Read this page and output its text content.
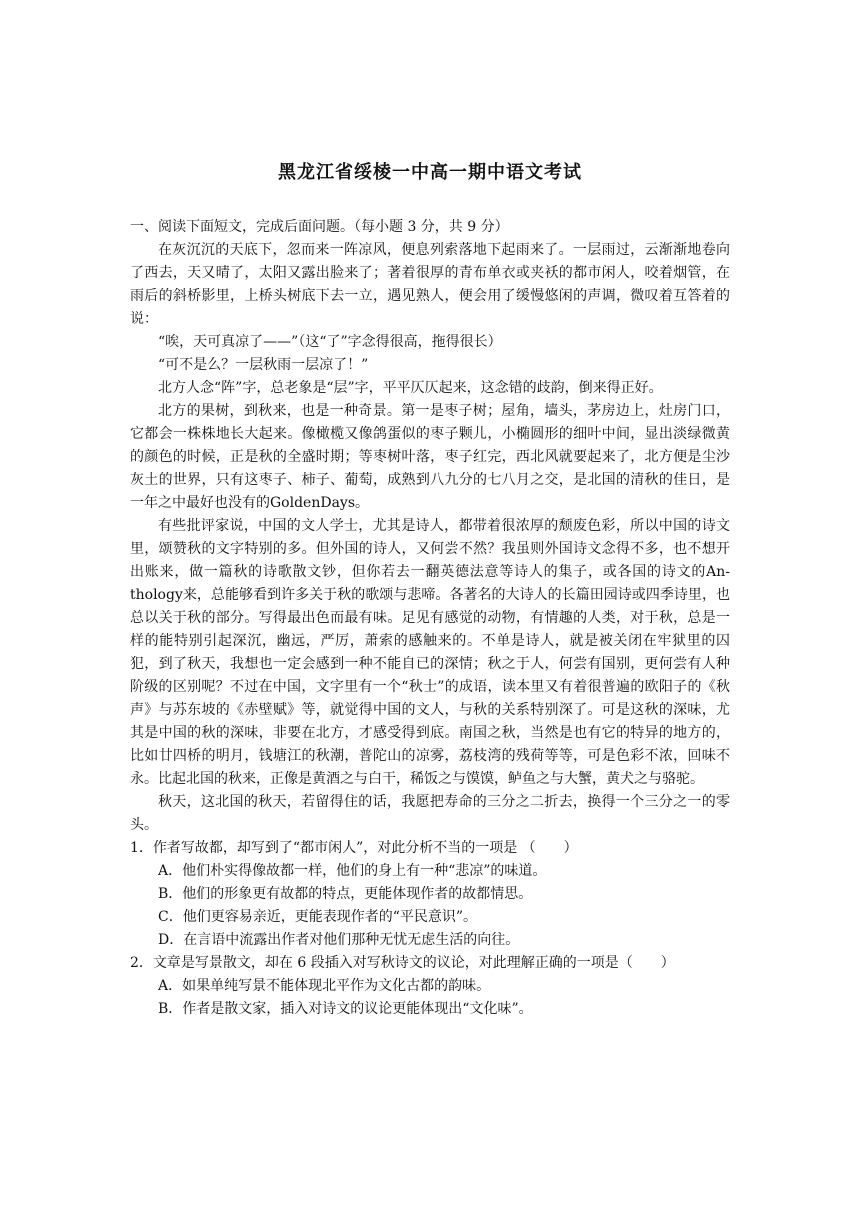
黑龙江省绥棱一中高一期中语文考试

一、阅读下面短文，完成后面问题。（每小题 3 分，共 9 分）

在灰沉沉的天底下，忽而来一阵凉风，便息列索落地下起雨来了。一层雨过，云渐渐地卷向了西去，天又晴了，太阳又露出脸来了；著着很厚的青布单衣或夹袄的都市闲人，咬着烟管，在雨后的斜桥影里，上桥头树底下去一立，遇见熟人，便会用了缓慢悠闲的声调，微叹着互答着的说：

“唉，天可真凉了——”（这“了”字念得很高，拖得很长）

“可不是么？一层秋雨一层凉了！”

北方人念“阵”字，总老象是“层”字，平平仄仄起来，这念错的歧韵，倒来得正好。

北方的果树，到秋来，也是一种奇景。第一是枣子树；屋角，墙头，茅房边上，灶房门口，它都会一株株地长大起来。像橄榄又像鸽蛋似的枣子颗儿，小椭圆形的细叶中间，显出淡绿微黄的颜色的时候，正是秋的全盛时期；等枣树叶落，枣子红完，西北风就要起来了，北方便是尘沙灰土的世界，只有这枣子、柿子、葡萄，成熟到八九分的七八月之交，是北国的清秋的佳日，是一年之中最好也没有的GoldenDays。

有些批评家说，中国的文人学士，尤其是诗人，都带着很浓厚的颓废色彩，所以中国的诗文里，颂赞秋的文字特别的多。但外国的诗人，又何尝不然？我虽则外国诗文念得不多，也不想开出账来，做一篇秋的诗歌散文钞，但你若去一翻英德法意等诗人的集子，或各国的诗文的An-thology来，总能够看到许多关于秋的歌颂与悲啼。各著名的大诗人的长篇田园诗或四季诗里，也总以关于秋的部分。写得最出色而最有味。足见有感觉的动物，有情趣的人类，对于秋，总是一样的能特别引起深沉，幽远，严厉，萧索的感触来的。不单是诗人，就是被关闭在牢狱里的囚犯，到了秋天，我想也一定会感到一种不能自已的深情；秋之于人，何尝有国别，更何尝有人种阶级的区别呢？不过在中国，文字里有一个“秋士”的成语，读本里又有着很普遍的欧阳子的《秋声》与苏东坡的《赤壁赋》等，就觉得中国的文人，与秋的关系特别深了。可是这秋的深味，尤其是中国的秋的深味，非要在北方，才感受得到底。南国之秋，当然是也有它的特异的地方的，比如廿四桥的明月，钱塘江的秋潮，普陀山的凉雾，荔枝湾的残荷等等，可是色彩不浓，回味不永。比起北国的秋来，正像是黄酒之与白干，稀饭之与馍馍，鲈鱼之与大蟹，黄犬之与骆驼。

秋天，这北国的秋天，若留得住的话，我愿把寿命的三分之二折去，换得一个三分之一的零头。

1．作者写故都，却写到了“都市闲人”，对此分析不当的一项是 （　　）

A．他们朴实得像故都一样，他们的身上有一种“悲凉”的味道。

B．他们的形象更有故都的特点，更能体现作者的故都情思。

C．他们更容易亲近，更能表现作者的“平民意识”。

D．在言语中流露出作者对他们那种无忧无虑生活的向往。

2．文章是写景散文，却在 6 段插入对写秋诗文的议论，对此理解正确的一项是（　　）

A．如果单纯写景不能体现北平作为文化古都的韵味。

B．作者是散文家，插入对诗文的议论更能体现出“文化味”。
